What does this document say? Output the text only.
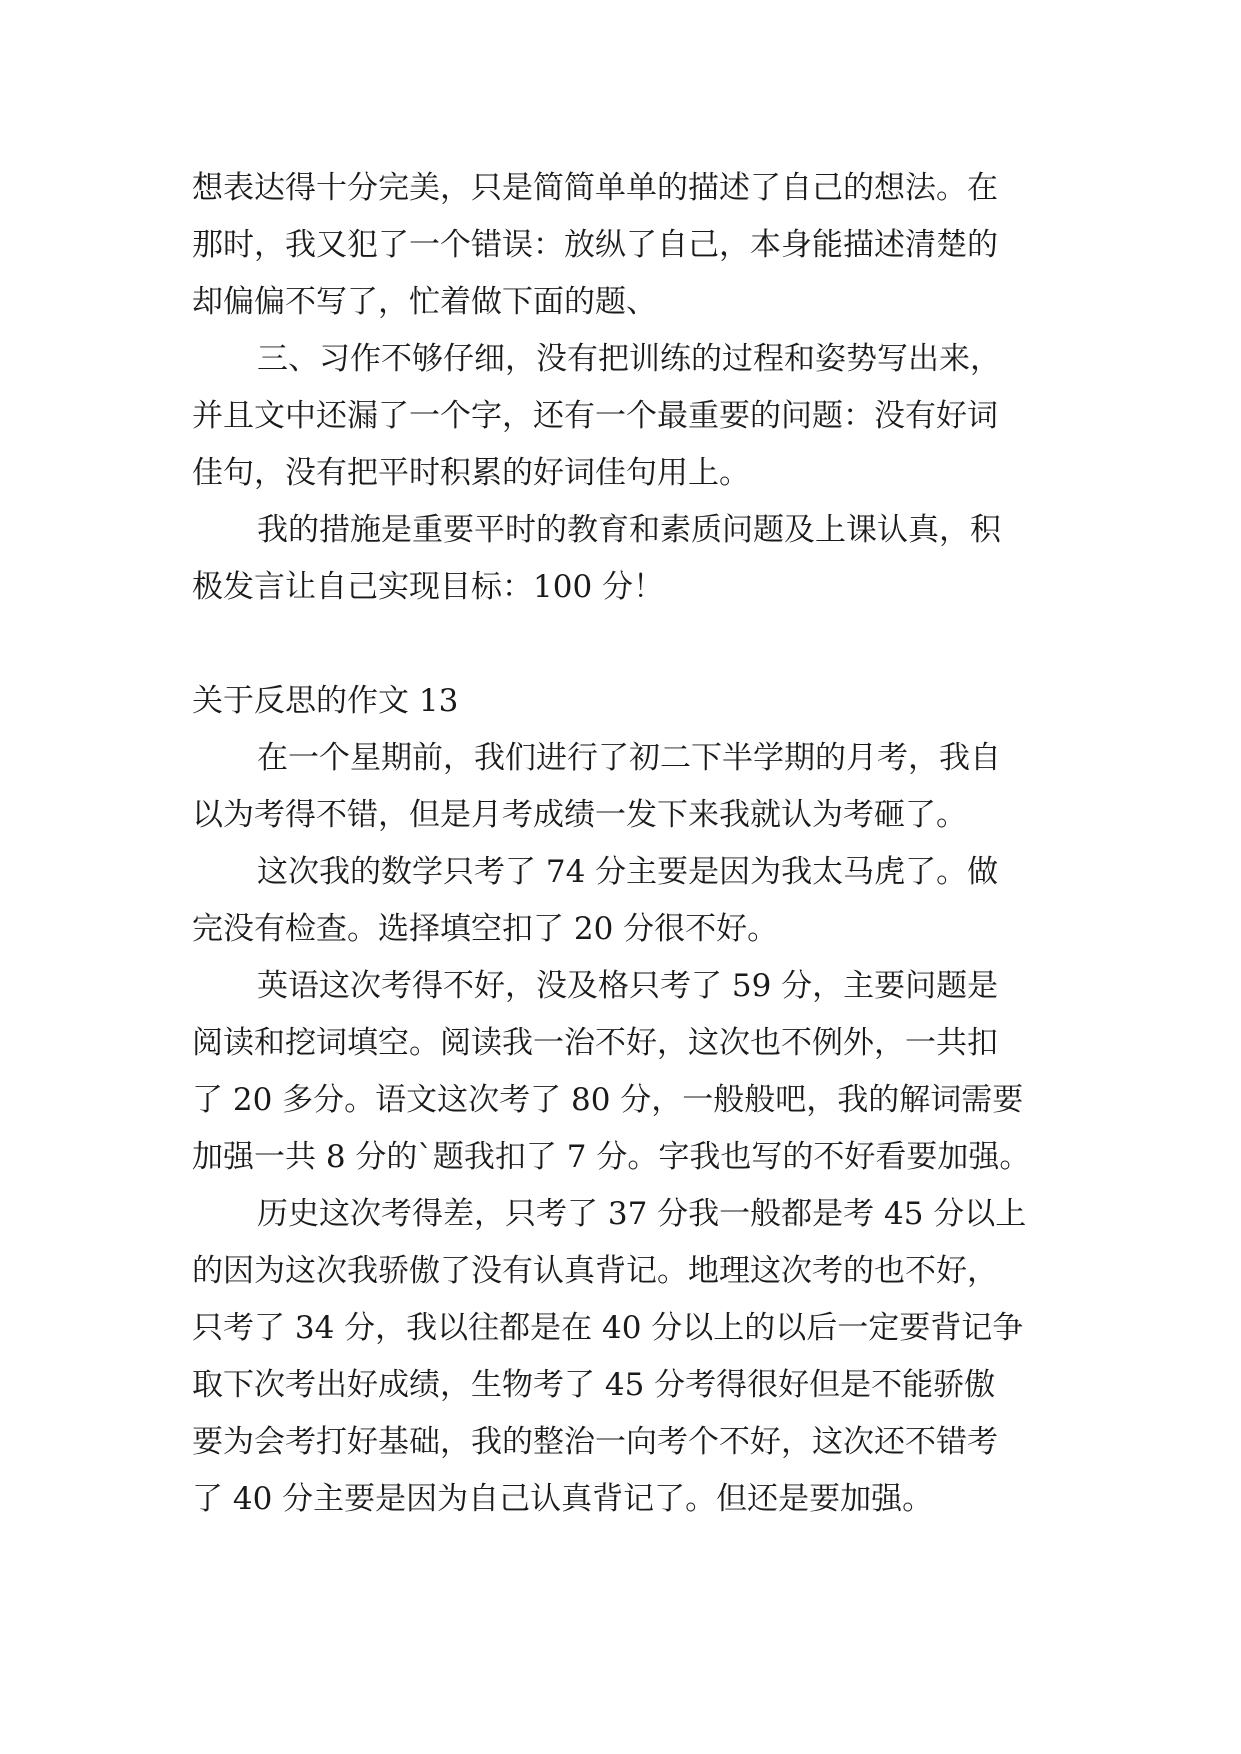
想表达得十分完美，只是简简单单的描述了自己的想法。在
那时，我又犯了一个错误：放纵了自己，本身能描述清楚的
却偏偏不写了，忙着做下面的题、
三、习作不够仔细，没有把训练的过程和姿势写出来，
并且文中还漏了一个字，还有一个最重要的问题：没有好词
佳句，没有把平时积累的好词佳句用上。
我的措施是重要平时的教育和素质问题及上课认真，积
极发言让自己实现目标：100 分！
关于反思的作文 13
在一个星期前，我们进行了初二下半学期的月考，我自
以为考得不错，但是月考成绩一发下来我就认为考砸了。
这次我的数学只考了 74 分主要是因为我太马虎了。做
完没有检查。选择填空扣了 20 分很不好。
英语这次考得不好，没及格只考了 59 分，主要问题是
阅读和挖词填空。阅读我一治不好，这次也不例外，一共扣
了 20 多分。语文这次考了 80 分，一般般吧，我的解词需要
加强一共 8 分的`题我扣了 7 分。字我也写的不好看要加强。
历史这次考得差，只考了 37 分我一般都是考 45 分以上
的因为这次我骄傲了没有认真背记。地理这次考的也不好，
只考了 34 分，我以往都是在 40 分以上的以后一定要背记争
取下次考出好成绩，生物考了 45 分考得很好但是不能骄傲
要为会考打好基础，我的整治一向考个不好，这次还不错考
了 40 分主要是因为自己认真背记了。但还是要加强。
